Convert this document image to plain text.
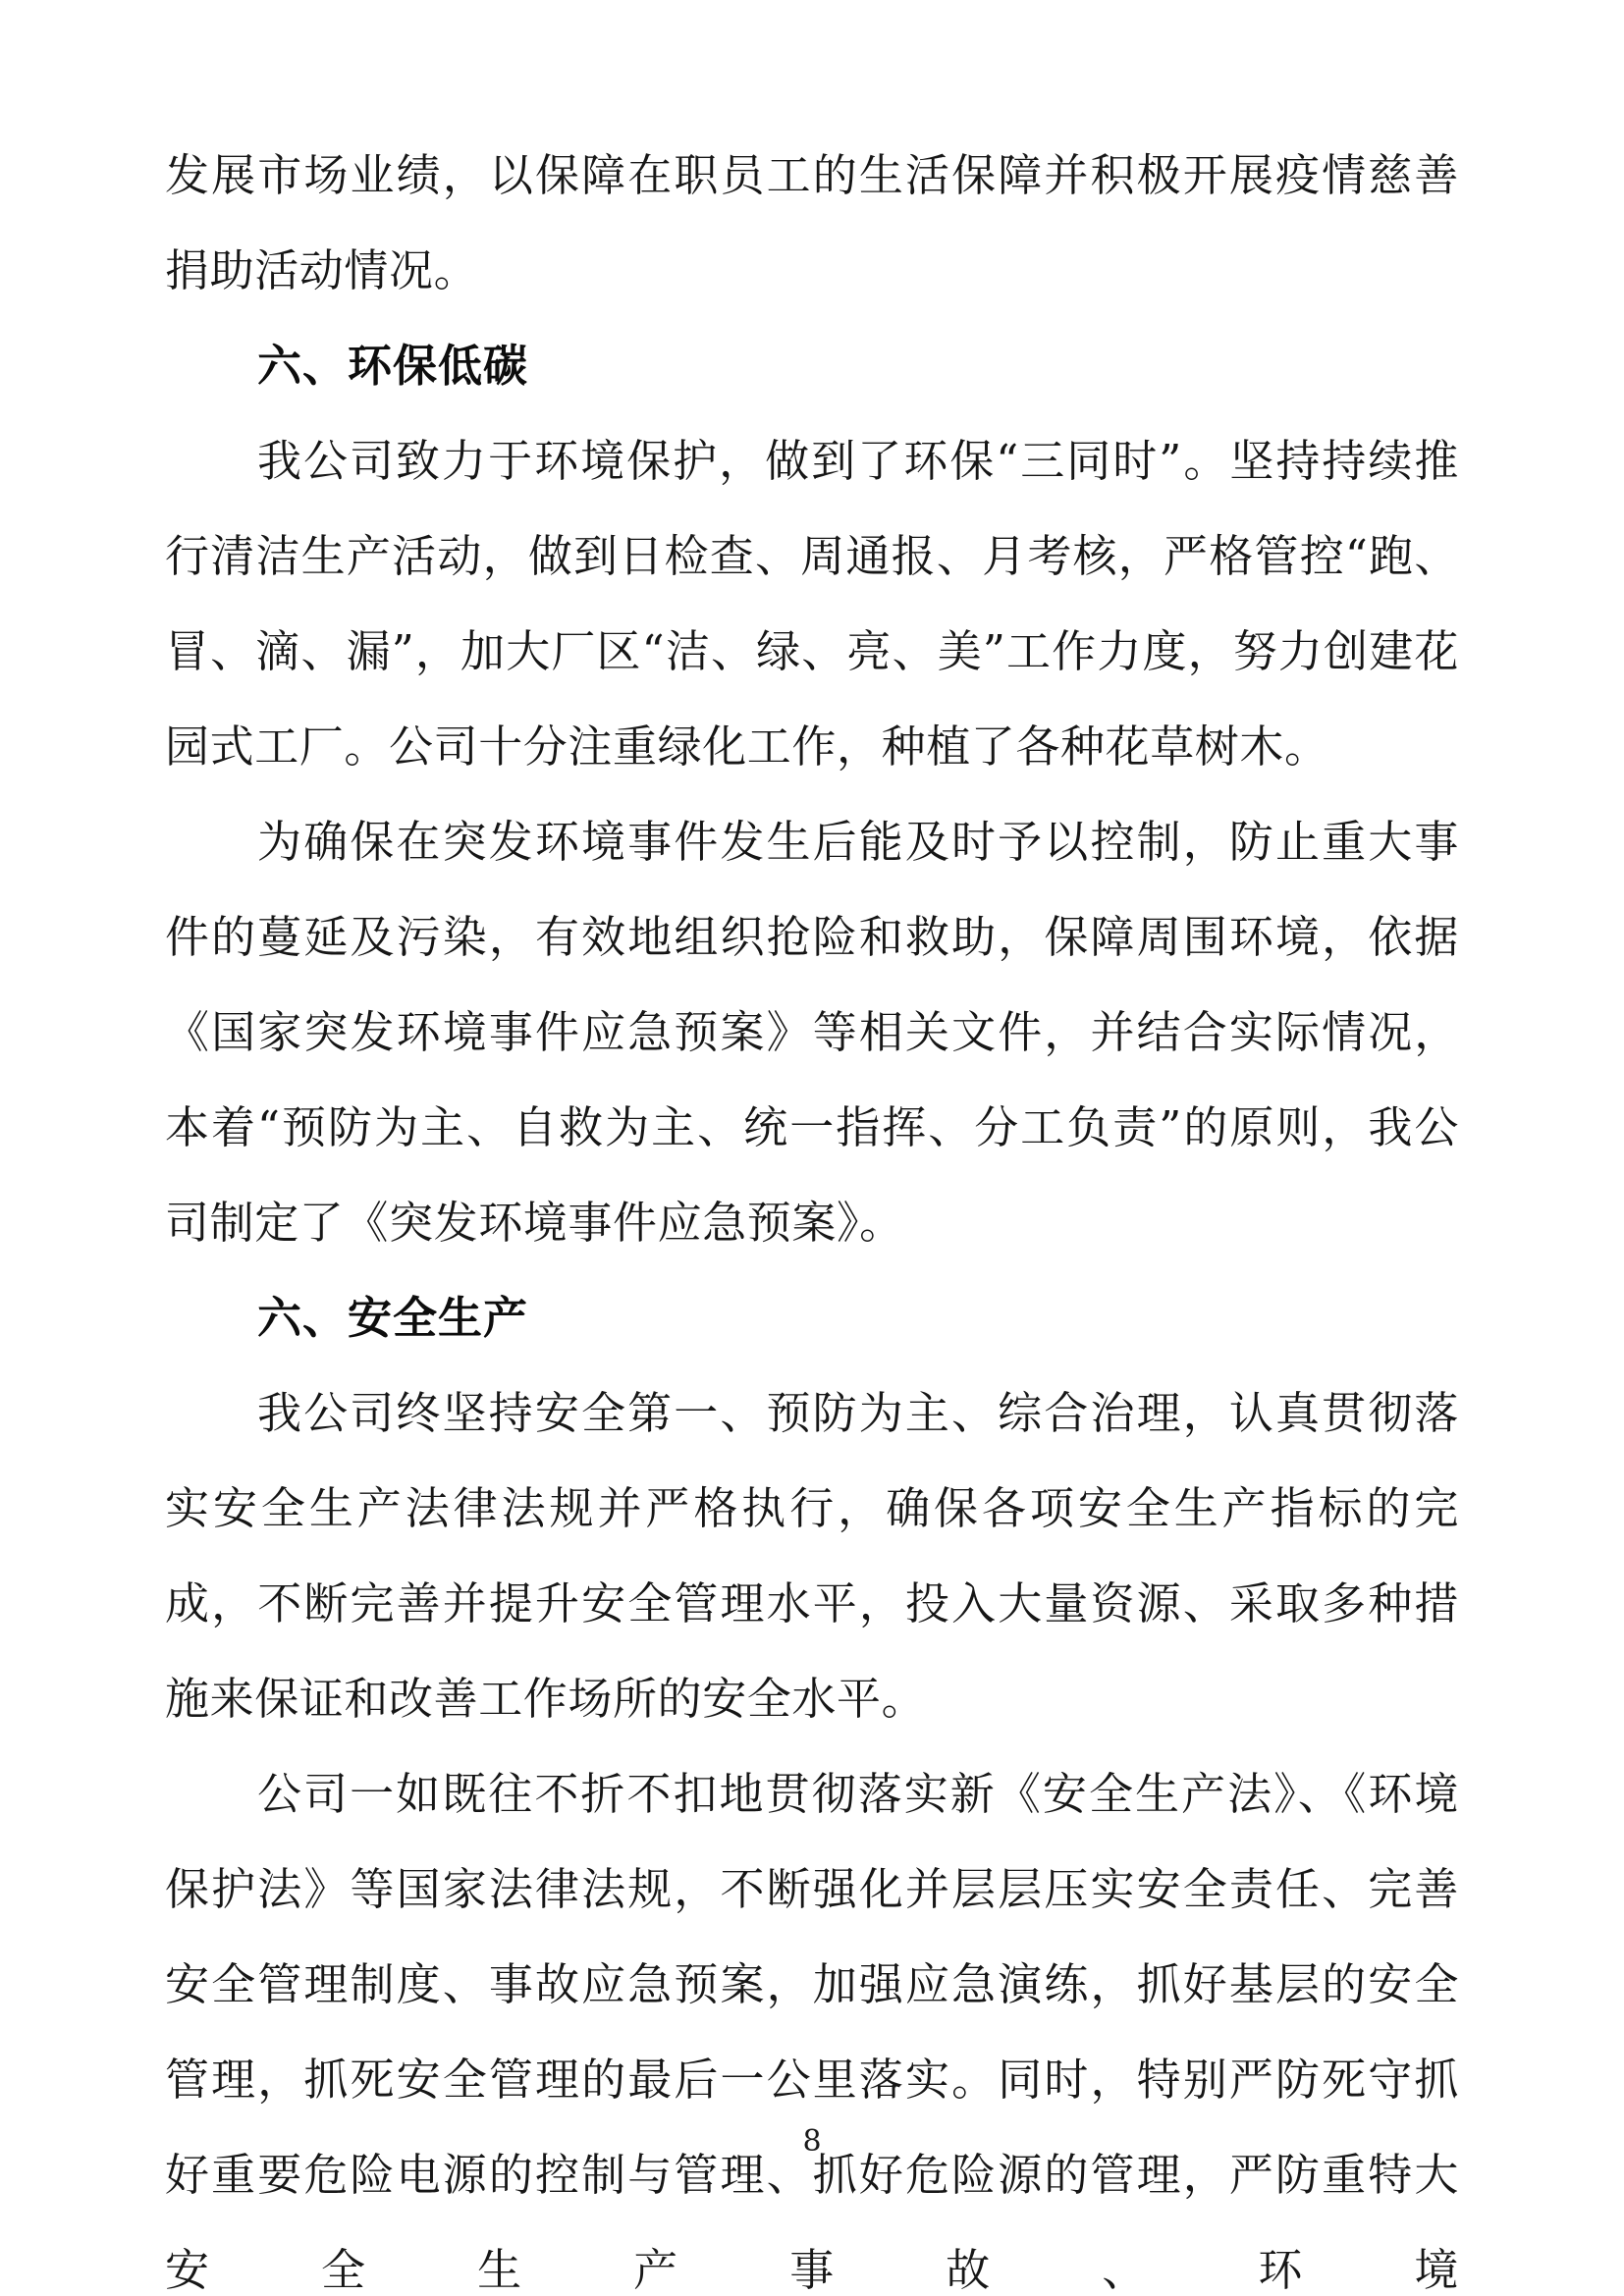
发展市场业绩，以保障在职员工的生活保障并积极开展疫情慈善捐助活动情况。

六、环保低碳

我公司致力于环境保护，做到了环保“三同时”。坚持持续推行清洁生产活动，做到日检查、周通报、月考核，严格管控“跑、冒、滴、漏”，加大厂区“洁、绿、亮、美”工作力度，努力创建花园式工厂。公司十分注重绿化工作，种植了各种花草树木。

为确保在突发环境事件发生后能及时予以控制，防止重大事件的蔓延及污染，有效地组织抢险和救助，保障周围环境，依据《国家突发环境事件应急预案》等相关文件，并结合实际情况，本着“预防为主、自救为主、统一指挥、分工负责”的原则，我公司制定了《突发环境事件应急预案》。

六、安全生产

我公司终坚持安全第一、预防为主、综合治理，认真贯彻落实安全生产法律法规并严格执行，确保各项安全生产指标的完成，不断完善并提升安全管理水平，投入大量资源、采取多种措施来保证和改善工作场所的安全水平。

公司一如既往不折不扣地贯彻落实新《安全生产法》、《环境保护法》等国家法律法规，不断强化并层层压实安全责任、完善安全管理制度、事故应急预案，加强应急演练，抓好基层的安全管理，抓死安全管理的最后一公里落实。同时，特别严防死守抓好重要危险电源的控制与管理、抓好危险源的管理，严防重特大安全生产事故、环境

8
